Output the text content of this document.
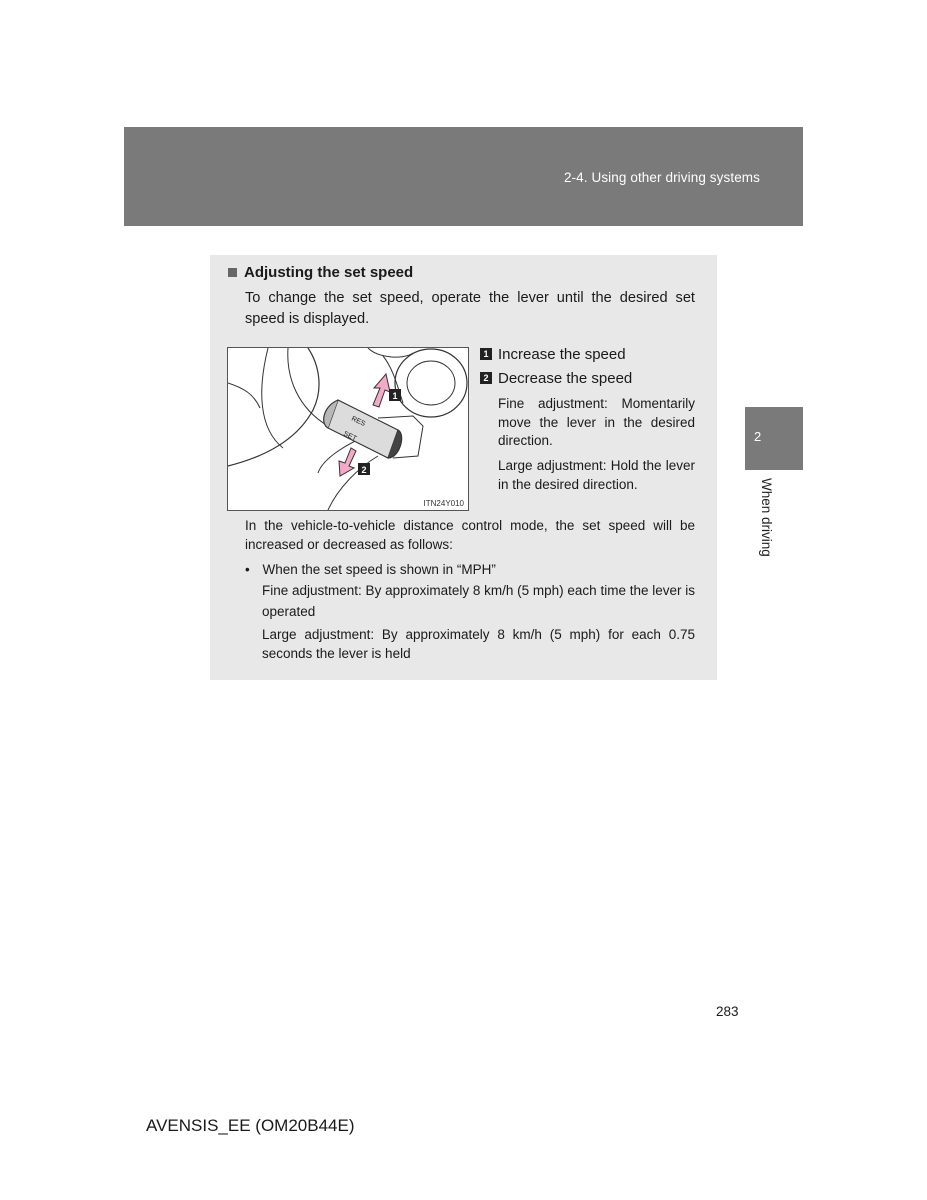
2-4. Using other driving systems
2
When driving
Adjusting the set speed
To change the set speed, operate the lever until the desired set speed is displayed.
RES
SET
1
2
ITN24Y010
1 Increase the speed
2 Decrease the speed
Fine adjustment: Momentarily move the lever in the desired direction.
Large adjustment: Hold the lever in the desired direction.
In the vehicle-to-vehicle distance control mode, the set speed will be increased or decreased as follows:
• When the set speed is shown in “MPH”
Fine adjustment: By approximately 8 km/h (5 mph) each time the lever is operated
Large adjustment: By approximately 8 km/h (5 mph) for each 0.75 seconds the lever is held
283
AVENSIS_EE (OM20B44E)
